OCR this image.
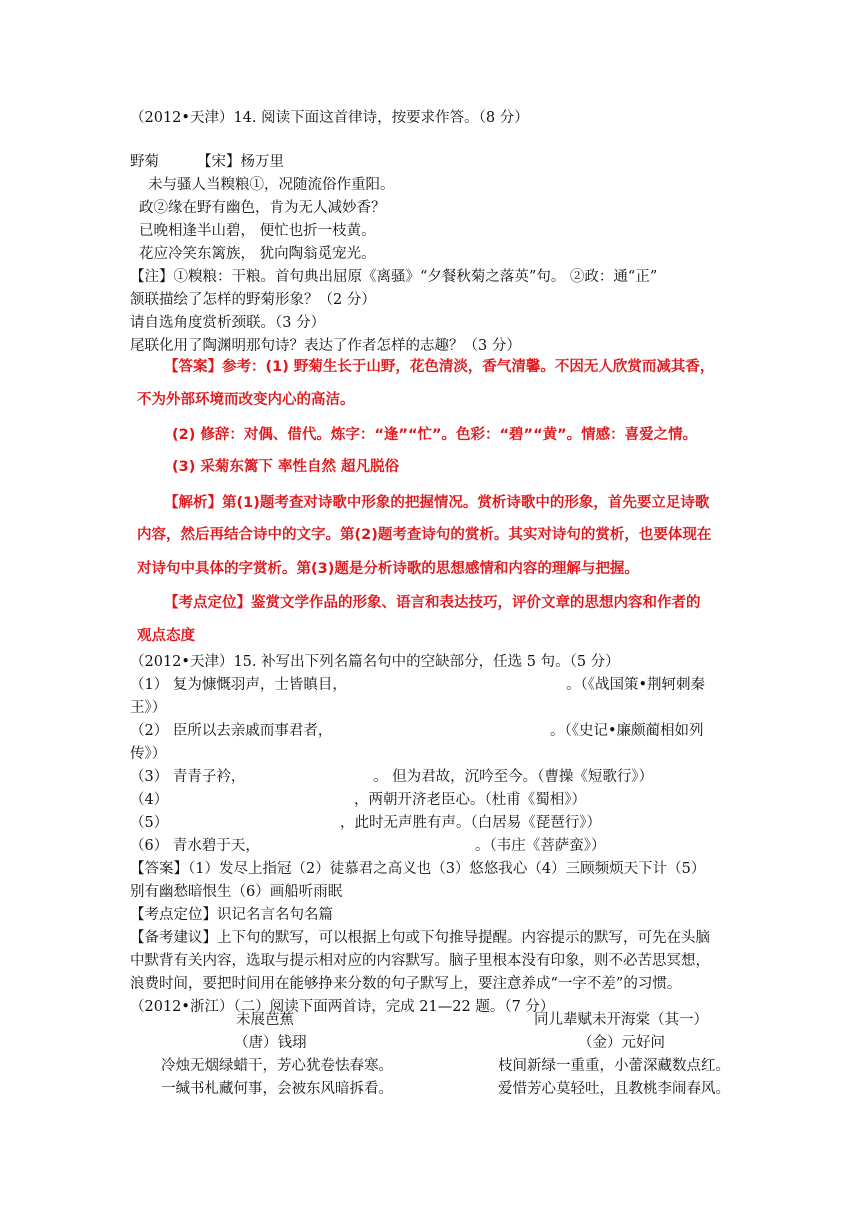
（2012•天津）14. 阅读下面这首律诗，按要求作答。（8 分）
野菊	【宋】杨万里
未与骚人当糗粮①，况随流俗作重阳。
政②缘在野有幽色，肯为无人减妙香？
已晚相逢半山碧， 便忙也折一枝黄。
花应冷笑东篱族， 犹向陶翁觅宠光。
【注】①糗粮：干粮。首句典出屈原《离骚》“夕餐秋菊之落英”句。 ②政：通“正”
颔联描绘了怎样的野菊形象？（2 分）
请自选角度赏析颈联。（3 分）
尾联化用了陶渊明那句诗？表达了作者怎样的志趣？（3 分）
【答案】参考：(1) 野菊生长于山野，花色清淡，香气清馨。不因无人欣赏而减其香，
不为外部环境而改变内心的高洁。
(2) 修辞：对偶、借代。炼字：“逢”“忙”。色彩：“碧”“黄”。情感：喜爱之情。
(3) 采菊东篱下 率性自然 超凡脱俗
【解析】第(1)题考查对诗歌中形象的把握情况。赏析诗歌中的形象，首先要立足诗歌
内容，然后再结合诗中的文字。第(2)题考查诗句的赏析。其实对诗句的赏析，也要体现在
对诗句中具体的字赏析。第(3)题是分析诗歌的思想感情和内容的理解与把握。
【考点定位】鉴赏文学作品的形象、语言和表达技巧，评价文章的思想内容和作者的
观点态度
（2012•天津）15. 补写出下列名篇名句中的空缺部分，任选 5 句。（5 分）
（1） 复为慷慨羽声，士皆瞋目，	。（《战国策•荆轲刺秦
王》）
（2） 臣所以去亲戚而事君者，	。（《史记•廉颇蔺相如列
传》）
（3） 青青子衿，	。 但为君故，沉吟至今。（曹操《短歌行》）
（4）	，两朝开济老臣心。（杜甫《蜀相》）
（5）	，此时无声胜有声。（白居易《琵琶行》）
（6） 青水碧于天，	。（韦庄《菩萨蛮》）
【答案】（1）发尽上指冠（2）徒慕君之高义也（3）悠悠我心（4）三顾频烦天下计（5）
别有幽愁暗恨生（6）画船听雨眠
【考点定位】识记名言名句名篇
【备考建议】上下句的默写，可以根据上句或下句推导提醒。内容提示的默写，可先在头脑
中默背有关内容，选取与提示相对应的内容默写。脑子里根本没有印象，则不必苦思冥想，
浪费时间，要把时间用在能够挣来分数的句子默写上，要注意养成“一字不差”的习惯。
（2012•浙江）（二）阅读下面两首诗，完成 21—22 题。（7 分）
未展芭蕉
（唐）钱珝
冷烛无烟绿蜡干，芳心犹卷怯春寒。
一缄书札藏何事，会被东风暗拆看。
同儿辈赋未开海棠（其一）
（金）元好问
枝间新绿一重重，小蕾深藏数点红。
爱惜芳心莫轻吐，且教桃李闹春风。
